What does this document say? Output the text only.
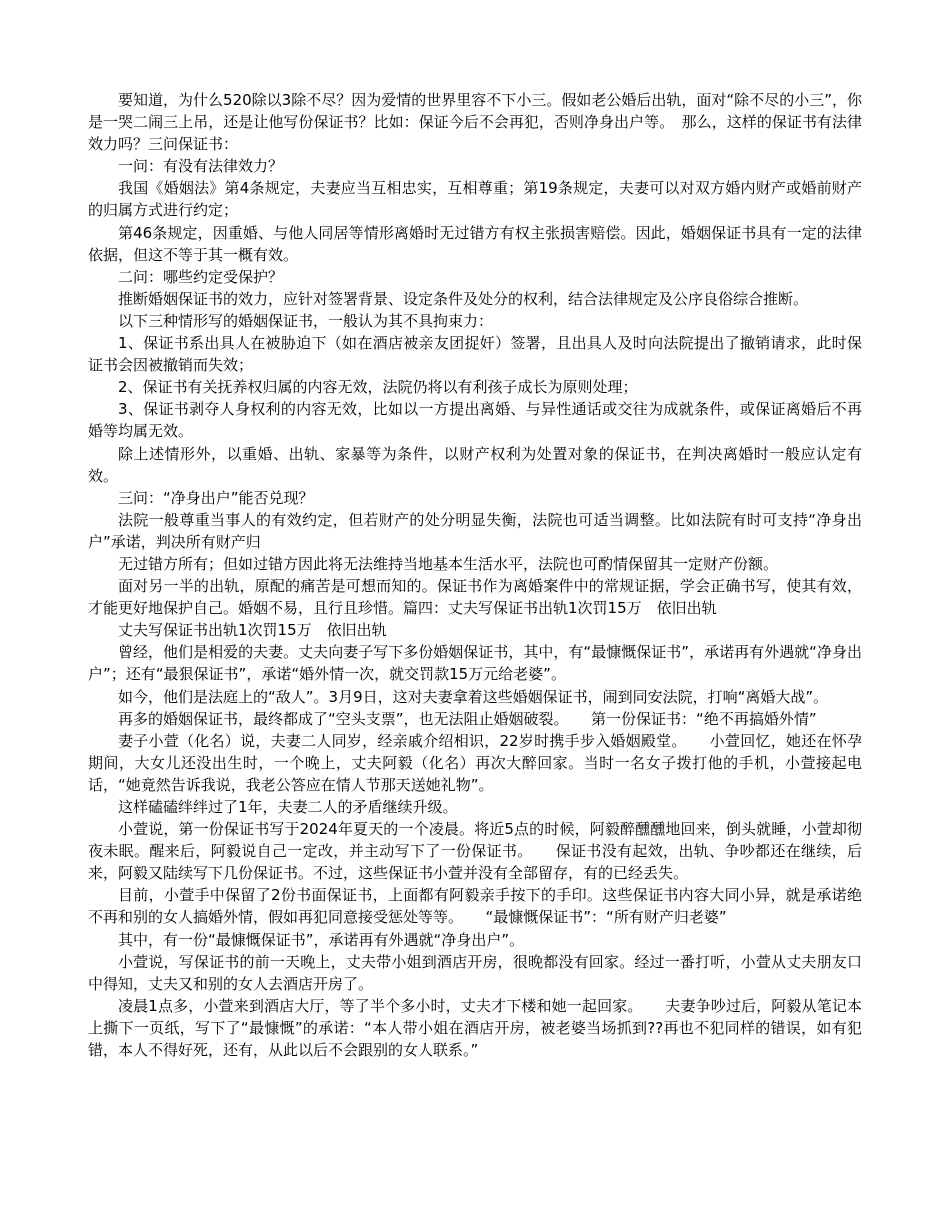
要知道，为什么520除以3除不尽？因为爱情的世界里容不下小三。假如老公婚后出轨，面对“除不尽的小三”，你是一哭二闹三上吊，还是让他写份保证书？比如：保证今后不会再犯，否则净身出户等。　那么，这样的保证书有法律效力吗？三问保证书：

一问：有没有法律效力？

我国《婚姻法》第4条规定，夫妻应当互相忠实，互相尊重；第19条规定，夫妻可以对双方婚内财产或婚前财产的归属方式进行约定；

第46条规定，因重婚、与他人同居等情形离婚时无过错方有权主张损害赔偿。因此，婚姻保证书具有一定的法律依据，但这不等于其一概有效。

二问：哪些约定受保护？

推断婚姻保证书的效力，应针对签署背景、设定条件及处分的权利，结合法律规定及公序良俗综合推断。

以下三种情形写的婚姻保证书，一般认为其不具拘束力：

1、保证书系出具人在被胁迫下（如在酒店被亲友团捉奸）签署，且出具人及时向法院提出了撤销请求，此时保证书会因被撤销而失效；

2、保证书有关抚养权归属的内容无效，法院仍将以有利孩子成长为原则处理；

3、保证书剥夺人身权利的内容无效，比如以一方提出离婚、与异性通话或交往为成就条件，或保证离婚后不再婚等均属无效。

除上述情形外，以重婚、出轨、家暴等为条件，以财产权利为处置对象的保证书，在判决离婚时一般应认定有效。

三问：“净身出户”能否兑现？

法院一般尊重当事人的有效约定，但若财产的处分明显失衡，法院也可适当调整。比如法院有时可支持“净身出户”承诺，判决所有财产归

无过错方所有；但如过错方因此将无法维持当地基本生活水平，法院也可酌情保留其一定财产份额。

面对另一半的出轨，原配的痛苦是可想而知的。保证书作为离婚案件中的常规证据，学会正确书写，使其有效，才能更好地保护自己。婚姻不易，且行且珍惜。篇四：丈夫写保证书出轨1次罚15万　依旧出轨

丈夫写保证书出轨1次罚15万　依旧出轨

曾经，他们是相爱的夫妻。丈夫向妻子写下多份婚姻保证书，其中，有“最慷慨保证书”，承诺再有外遇就“净身出户”；还有“最狠保证书”，承诺“婚外情一次，就交罚款15万元给老婆”。

如今，他们是法庭上的“敌人”。3月9日，这对夫妻拿着这些婚姻保证书，闹到同安法院，打响“离婚大战”。

再多的婚姻保证书，最终都成了“空头支票”，也无法阻止婚姻破裂。　　第一份保证书：“绝不再搞婚外情”

妻子小萱（化名）说，夫妻二人同岁，经亲戚介绍相识，22岁时携手步入婚姻殿堂。　　小萱回忆，她还在怀孕期间，大女儿还没出生时，一个晚上，丈夫阿毅（化名）再次大醉回家。当时一名女子拨打他的手机，小萱接起电话，“她竟然告诉我说，我老公答应在情人节那天送她礼物”。

这样磕磕绊绊过了1年，夫妻二人的矛盾继续升级。

小萱说，第一份保证书写于2024年夏天的一个凌晨。将近5点的时候，阿毅醉醺醺地回来，倒头就睡，小萱却彻夜未眠。醒来后，阿毅说自己一定改，并主动写下了一份保证书。　　保证书没有起效，出轨、争吵都还在继续，后来，阿毅又陆续写下几份保证书。不过，这些保证书小萱并没有全部留存，有的已经丢失。

目前，小萱手中保留了2份书面保证书，上面都有阿毅亲手按下的手印。这些保证书内容大同小异，就是承诺绝不再和别的女人搞婚外情，假如再犯同意接受惩处等等。　　“最慷慨保证书”：“所有财产归老婆”

其中，有一份“最慷慨保证书”，承诺再有外遇就“净身出户”。

小萱说，写保证书的前一天晚上，丈夫带小姐到酒店开房，很晚都没有回家。经过一番打听，小萱从丈夫朋友口中得知，丈夫又和别的女人去酒店开房了。

凌晨1点多，小萱来到酒店大厅，等了半个多小时，丈夫才下楼和她一起回家。　　夫妻争吵过后，阿毅从笔记本上撕下一页纸，写下了“最慷慨”的承诺：“本人带小姐在酒店开房，被老婆当场抓到??再也不犯同样的错误，如有犯错，本人不得好死，还有，从此以后不会跟别的女人联系。”
